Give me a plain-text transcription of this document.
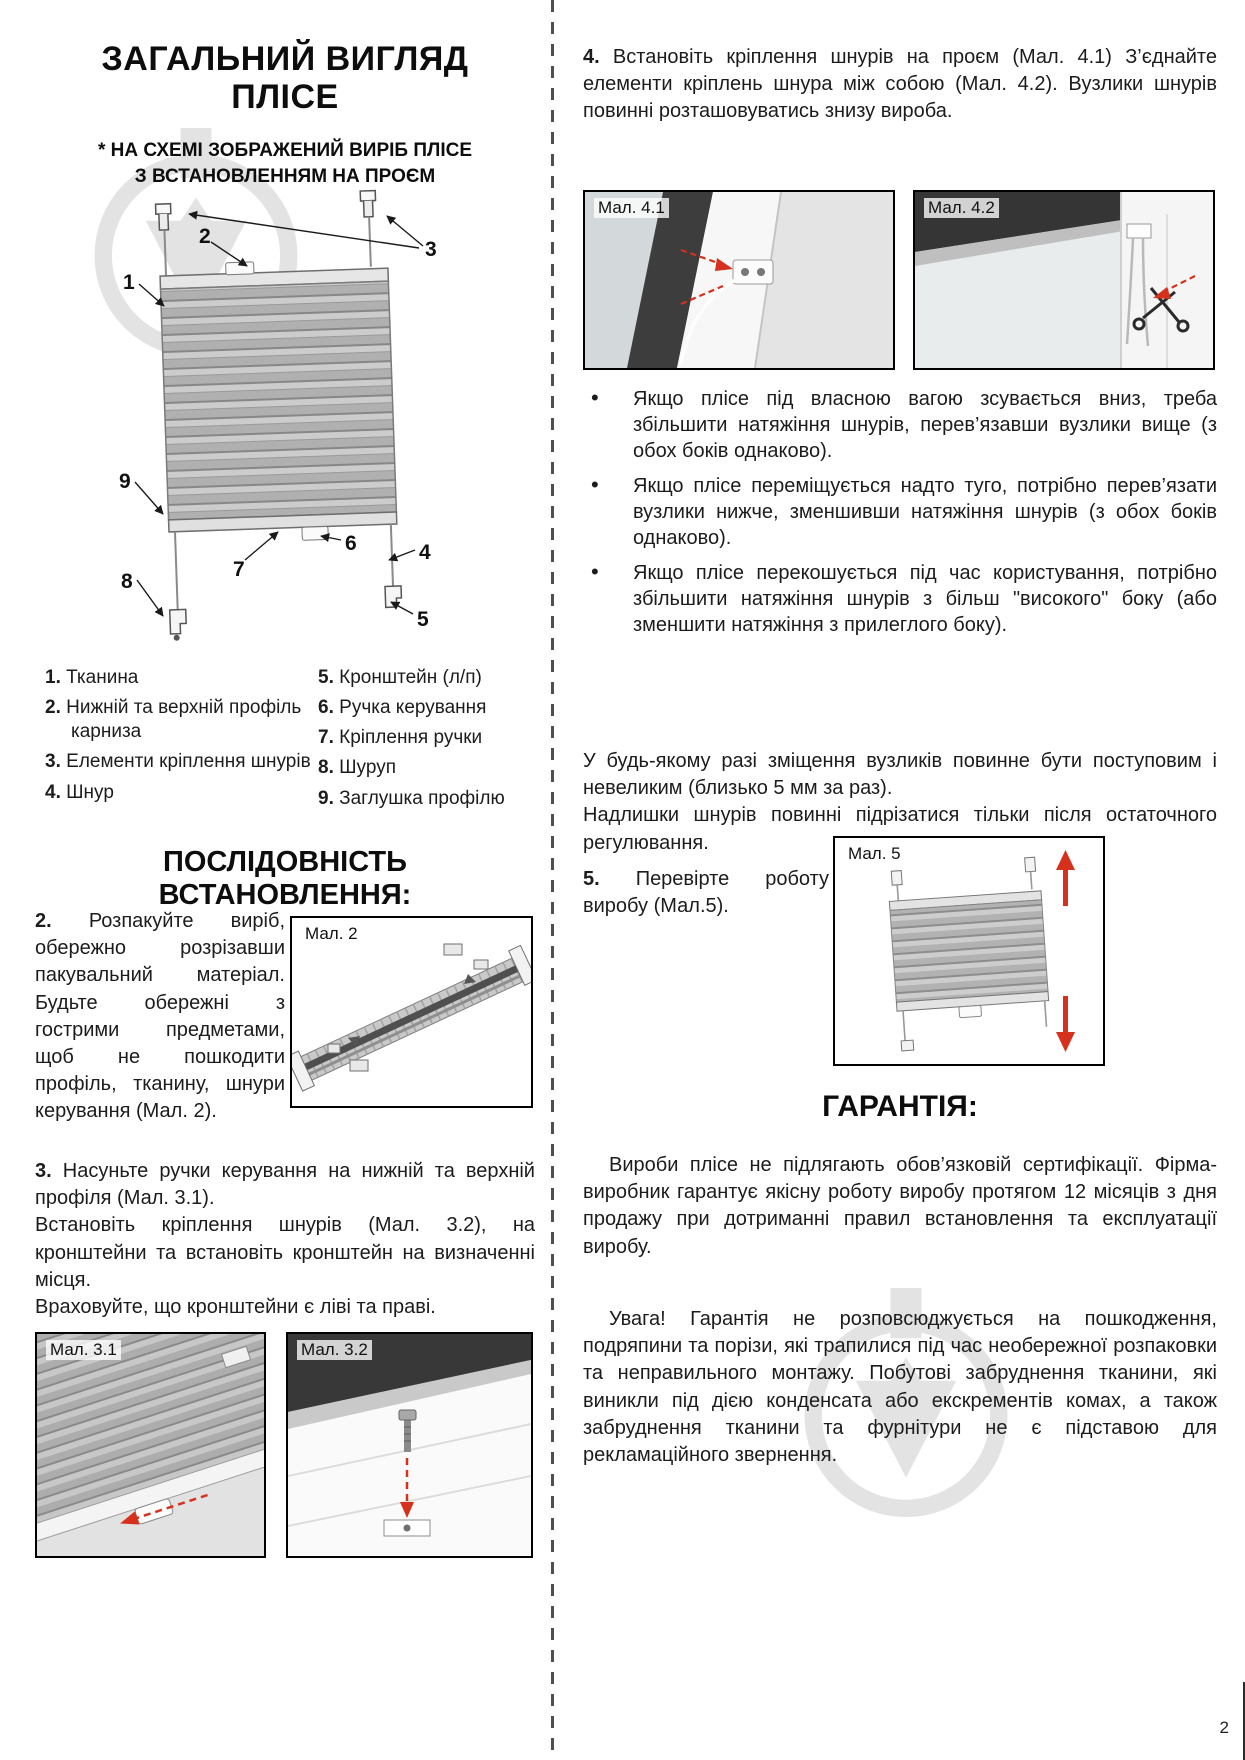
ЗАГАЛЬНИЙ ВИГЛЯД
ПЛІСЕ
* НА СХЕМІ ЗОБРАЖЕНИЙ ВИРІБ ПЛІСЕ
З ВСТАНОВЛЕННЯМ НА ПРОЄМ
1
2
3
4
5
6
7
8
9
1. Тканина
2. Нижній та верхній профіль карниза
3. Елементи кріплення шнурів
4. Шнур
5. Кронштейн (л/п)
6. Ручка керування
7. Кріплення ручки
8. Шуруп
9. Заглушка профілю
ПОСЛІДОВНІСТЬ ВСТАНОВЛЕННЯ:
2. Розпакуйте виріб, обережно розрізавши пакувальний матеріал. Будьте обережні з гострими предметами, щоб не пошкодити профіль, тканину, шнури керування (Мал. 2).
Мал. 2
3. Насуньте ручки керування на нижній та верхній профіля (Мал. 3.1).
Встановіть кріплення шнурів (Мал. 3.2), на кронштейни та встановіть кронштейн на визначенні місця.
Враховуйте, що кронштейни є ліві та праві.
Мал. 3.1	Мал. 3.2
4. Встановіть кріплення шнурів на проєм (Мал. 4.1) З’єднайте елементи кріплень шнура між собою (Мал. 4.2). Вузлики шнурів повинні розташовуватись знизу вироба.
Мал. 4.1	Мал. 4.2
• Якщо плісе під власною вагою зсувається вниз, треба збільшити натяжіння шнурів, перев’язавши вузлики вище (з обох боків однаково).
• Якщо плісе переміщується надто туго, потрібно перев’язати вузлики нижче, зменшивши натяжіння шнурів (з обох боків однаково).
• Якщо плісе перекошується під час користування, потрібно збільшити натяжіння шнурів з більш "високого" боку (або зменшити натяжіння з прилеглого боку).
У будь-якому разі зміщення вузликів повинне бути поступовим і невеликим (близько 5 мм за раз).
Надлишки шнурів повинні підрізатися тільки після остаточного регулювання.
5. Перевірте роботу виробу (Мал.5).
Мал. 5
ГАРАНТІЯ:
Вироби плісе не підлягають обов’язковій сертифікації. Фірма-виробник гарантує якісну роботу виробу протягом 12 місяців з дня продажу при дотриманні правил встановлення та експлуатації виробу.
Увага! Гарантія не розповсюджується на пошкодження, подряпини та порізи, які трапилися під час необережної розпаковки та неправильного монтажу. Побутові забруднення тканини, які виникли під дією конденсата або екскрементів комах, а також забруднення тканини та фурнітури не є підставою для рекламаційного звернення.
2
